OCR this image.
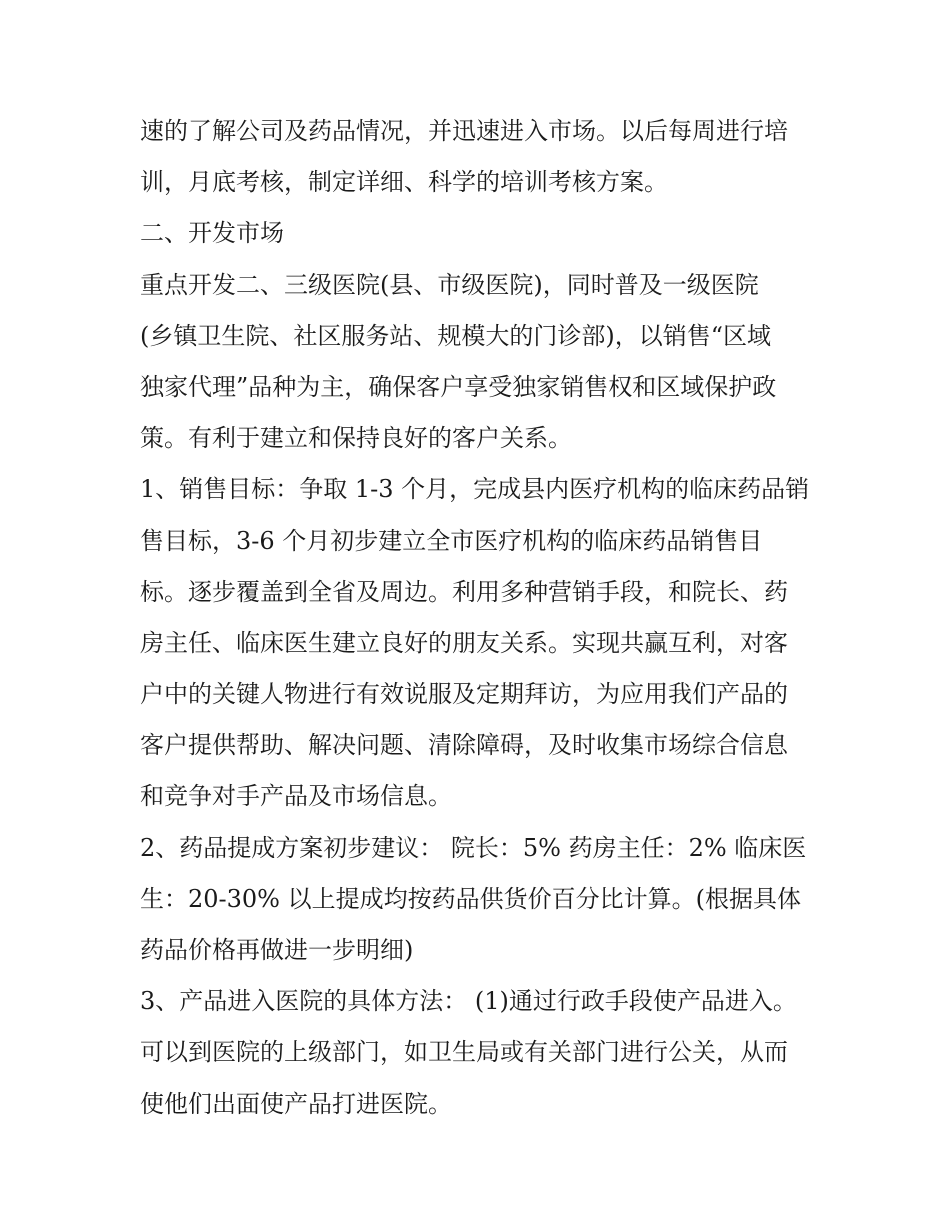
速的了解公司及药品情况，并迅速进入市场。以后每周进行培
训，月底考核，制定详细、科学的培训考核方案。
二、开发市场
重点开发二、三级医院(县、市级医院)，同时普及一级医院
(乡镇卫生院、社区服务站、规模大的门诊部)，以销售“区域
独家代理”品种为主，确保客户享受独家销售权和区域保护政
策。有利于建立和保持良好的客户关系。
1、销售目标：争取 1-3 个月，完成县内医疗机构的临床药品销
售目标，3-6 个月初步建立全市医疗机构的临床药品销售目
标。逐步覆盖到全省及周边。利用多种营销手段，和院长、药
房主任、临床医生建立良好的朋友关系。实现共赢互利，对客
户中的关键人物进行有效说服及定期拜访，为应用我们产品的
客户提供帮助、解决问题、清除障碍，及时收集市场综合信息
和竞争对手产品及市场信息。
2、药品提成方案初步建议： 院长：5% 药房主任：2% 临床医
生：20-30% 以上提成均按药品供货价百分比计算。(根据具体
药品价格再做进一步明细)
3、产品进入医院的具体方法： (1)通过行政手段使产品进入。
可以到医院的上级部门，如卫生局或有关部门进行公关，从而
使他们出面使产品打进医院。
